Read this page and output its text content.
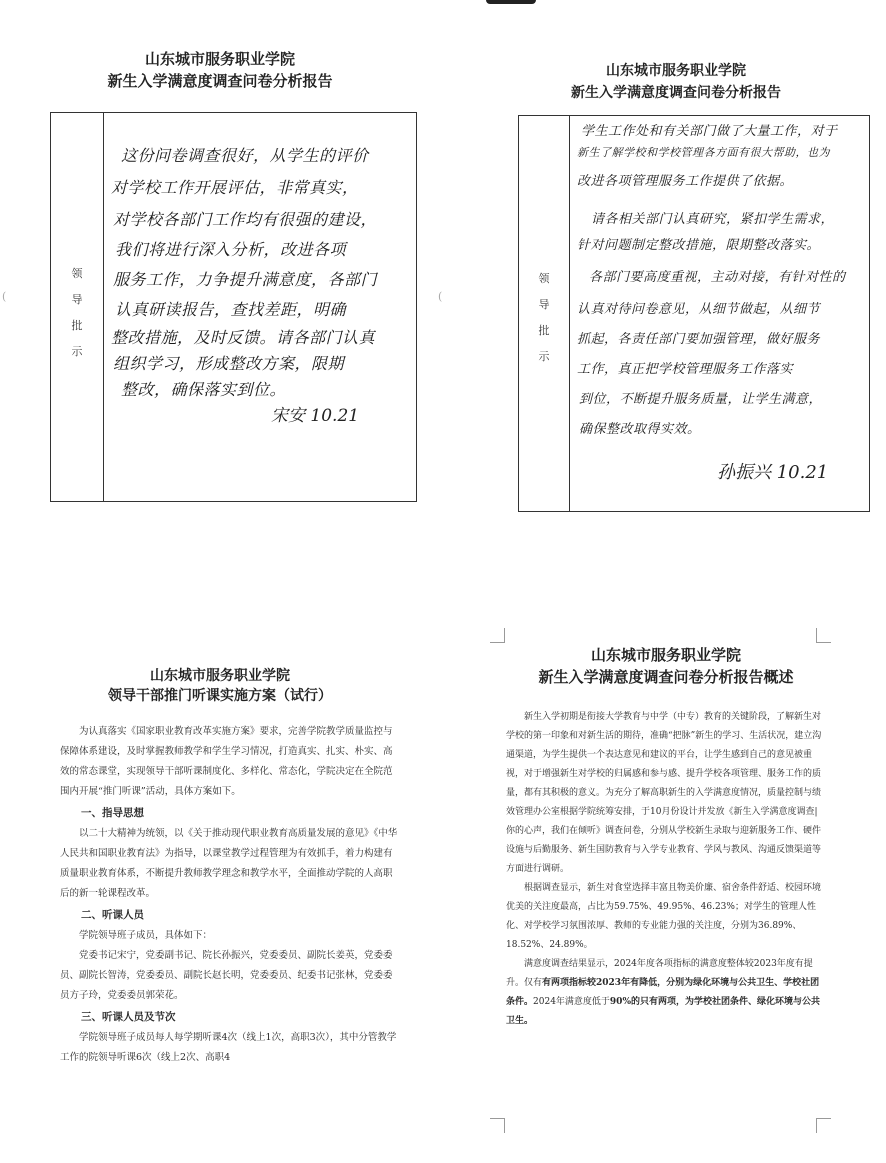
山东城市服务职业学院
新生入学满意度调查问卷分析报告
领
导
批
示
这份问卷调查很好，从学生的评价
对学校工作开展评估，非常真实，
对学校各部门工作均有很强的建设，
我们将进行深入分析，改进各项
服务工作，力争提升满意度，各部门
认真研读报告，查找差距，明确
整改措施，及时反馈。请各部门认真
组织学习，形成整改方案，限期
整改，确保落实到位。
宋安 10.21
(
山东城市服务职业学院
新生入学满意度调查问卷分析报告
领
导
批
示
学生工作处和有关部门做了大量工作，对于
新生了解学校和学校管理各方面有很大帮助，也为
改进各项管理服务工作提供了依据。
请各相关部门认真研究，紧扣学生需求，
针对问题制定整改措施，限期整改落实。
各部门要高度重视，主动对接，有针对性的
认真对待问卷意见，从细节做起，从细节
抓起，各责任部门要加强管理，做好服务
工作，真正把学校管理服务工作落实
到位，不断提升服务质量，让学生满意，
确保整改取得实效。
孙振兴 10.21
(
山东城市服务职业学院
领导干部推门听课实施方案（试行）

为认真落实《国家职业教育改革实施方案》要求，完善学院教学质量监控与保障体系建设，及时掌握教师教学和学生学习情况，打造真实、扎实、朴实、高效的常态课堂，实现领导干部听课制度化、多样化、常态化，学院决定在全院范围内开展“推门听课”活动，具体方案如下。

一、指导思想

以二十大精神为统领，以《关于推动现代职业教育高质量发展的意见》《中华人民共和国职业教育法》为指导，以课堂教学过程管理为有效抓手，着力构建有质量职业教育体系，不断提升教师教学理念和教学水平，全面推动学院的人高职后的新一轮课程改革。

二、听课人员

学院领导班子成员，具体如下：

党委书记宋宁，党委副书记、院长孙振兴，党委委员、副院长姜英，党委委员、副院长智涛，党委委员、副院长赵长明，党委委员、纪委书记张林，党委委员方子玲，党委委员郭荣花。

三、听课人员及节次

学院领导班子成员每人每学期听课4次（线上1次，高职3次），其中分管教学工作的院领导听课6次（线上2次、高职4

山东城市服务职业学院
新生入学满意度调查问卷分析报告概述

新生入学初期是衔接大学教育与中学（中专）教育的关键阶段，了解新生对学校的第一印象和对新生活的期待，准确“把脉”新生的学习、生活状况，建立沟通渠道，为学生提供一个表达意见和建议的平台，让学生感到自己的意见被重视，对于增强新生对学校的归属感和参与感、提升学校各项管理、服务工作的质量，都有其积极的意义。为充分了解高职新生的入学满意度情况，质量控制与绩效管理办公室根据学院统筹安排，于10月份设计并发放《新生入学满意度调查|你的心声，我们在倾听》调查问卷，分别从学校新生录取与迎新服务工作、硬件设施与后勤服务、新生国防教育与入学专业教育、学风与教风、沟通反馈渠道等方面进行调研。

根据调查显示，新生对食堂选择丰富且物美价廉、宿舍条件舒适、校园环境优美的关注度最高，占比为59.75%、49.95%、46.23%；对学生的管理人性化、对学校学习氛围浓厚、教师的专业能力强的关注度，分别为36.89%、18.52%、24.89%。

满意度调查结果显示，2024年度各项指标的满意度整体较2023年度有提升。仅有有两项指标较2023年有降低，分别为绿化环境与公共卫生、学校社团条件。2024年满意度低于90%的只有两项，为学校社团条件、绿化环境与公共卫生。
